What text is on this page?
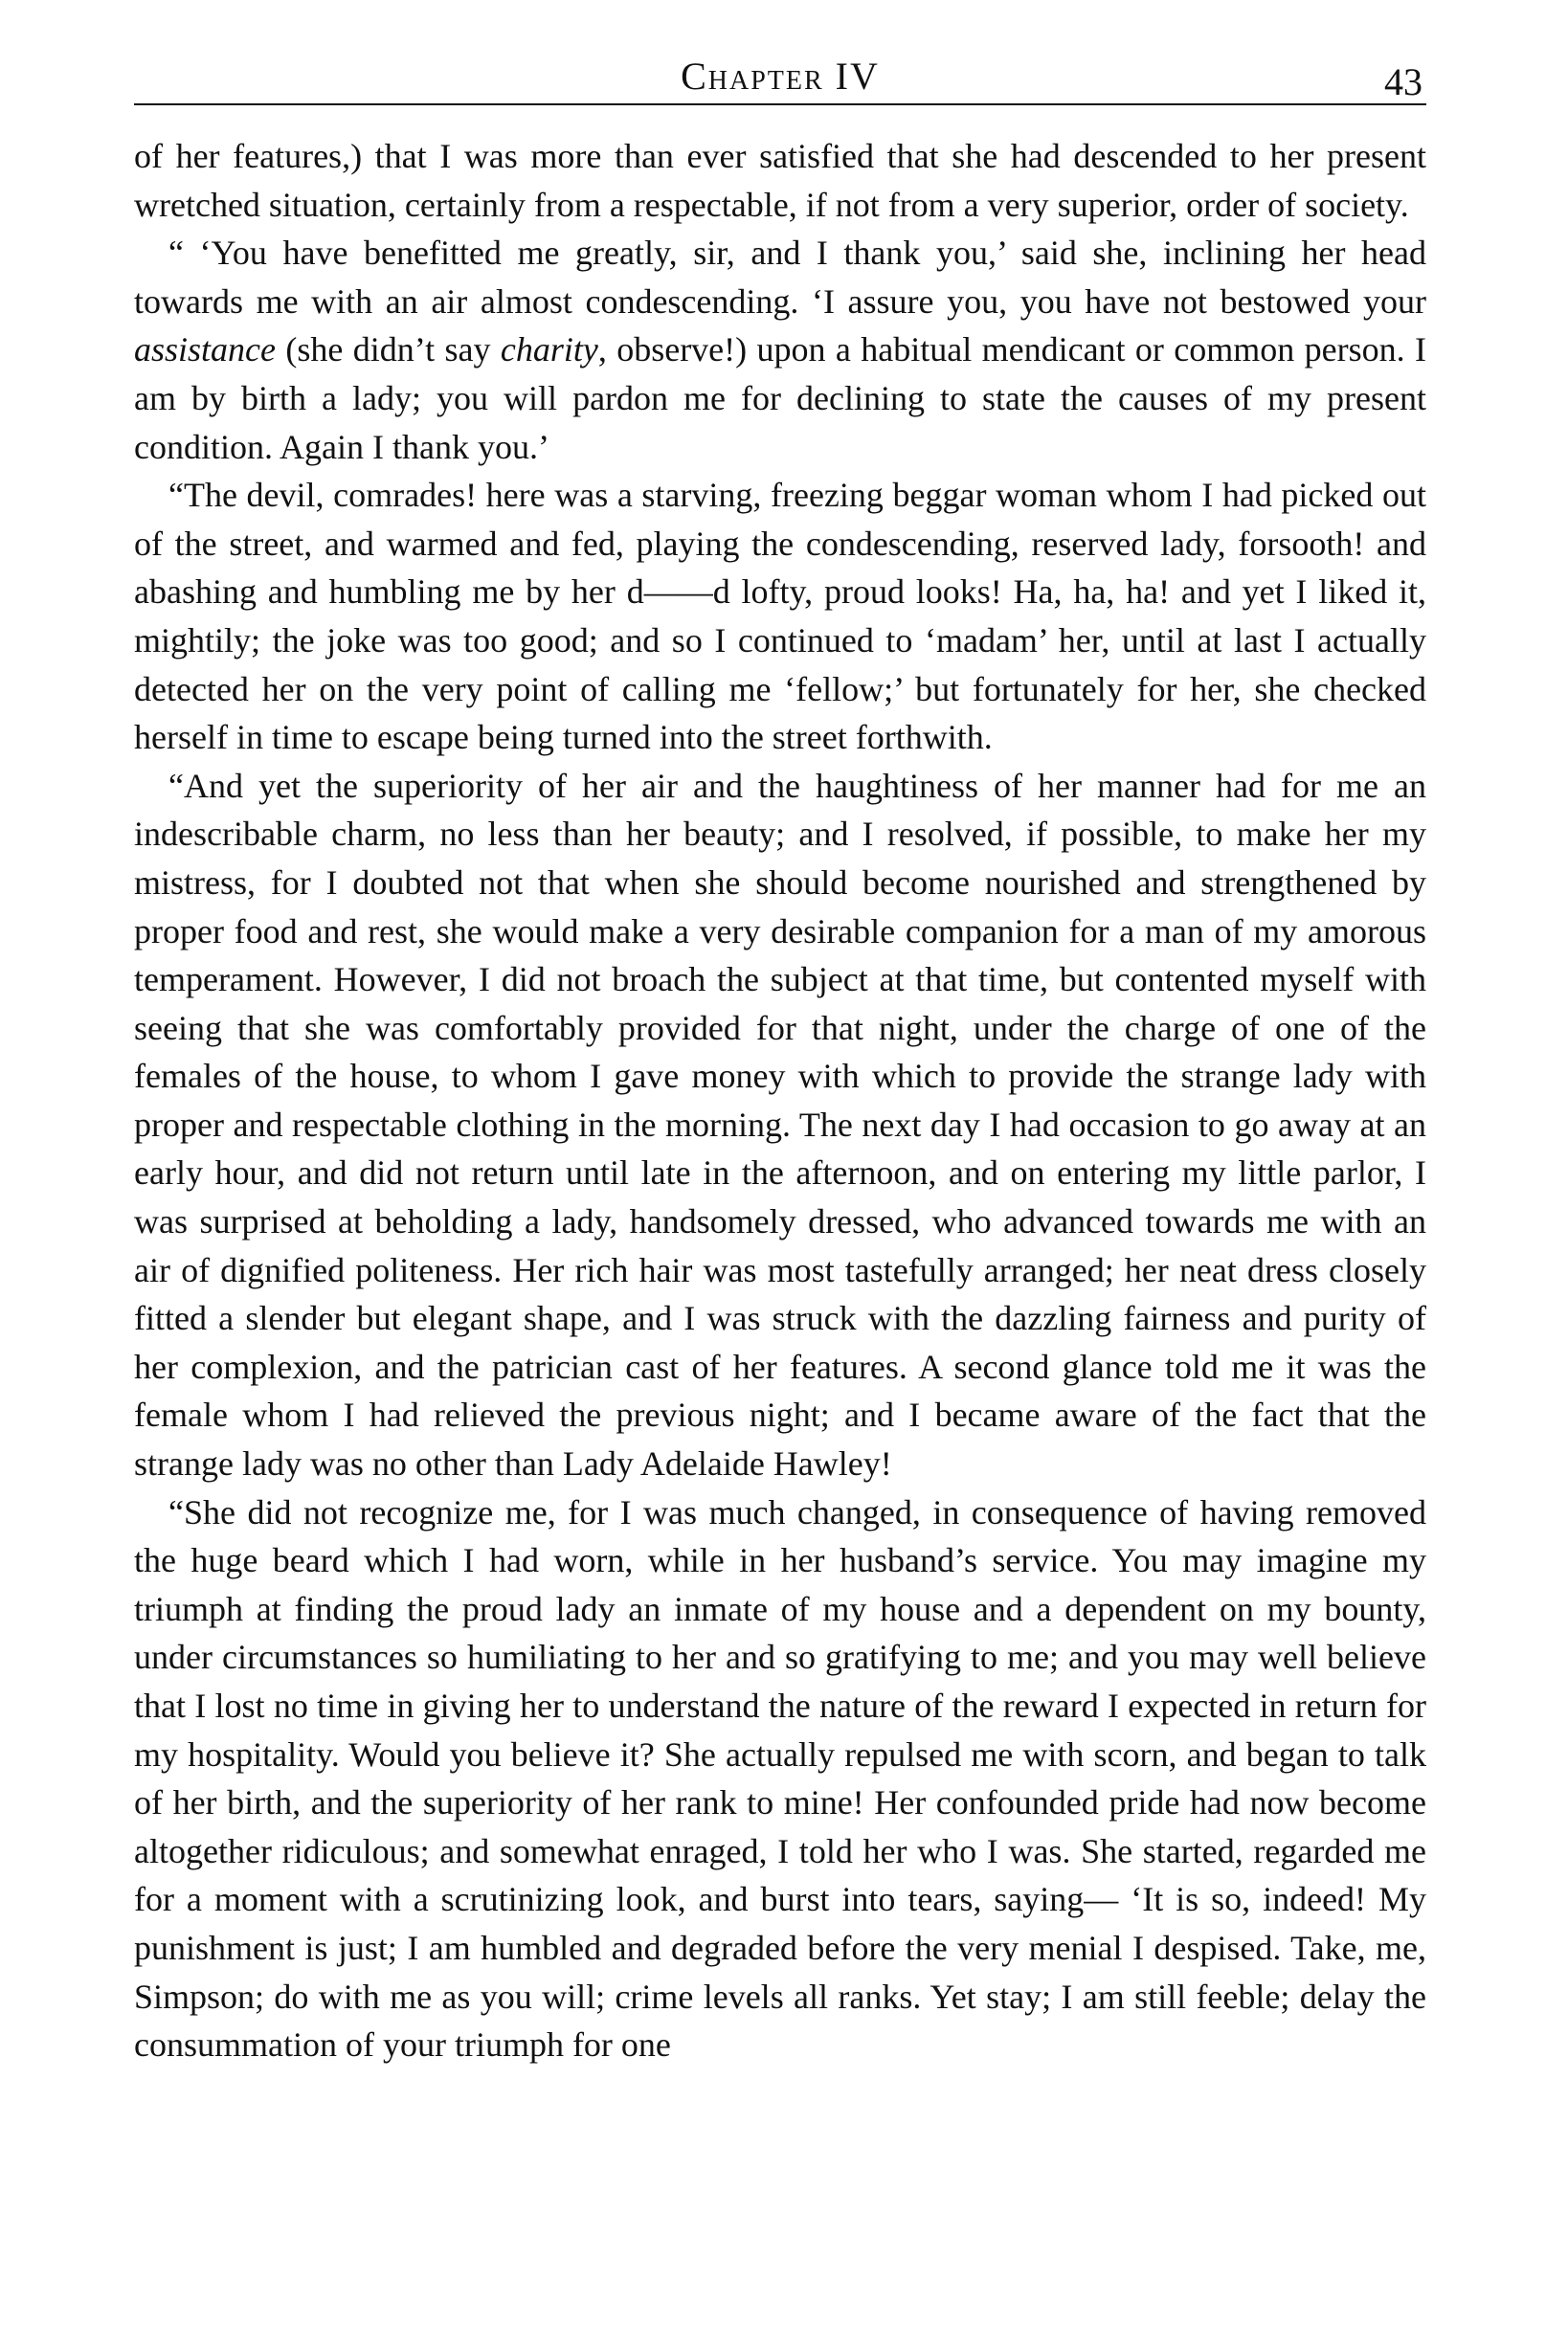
Chapter IV	43

of her features,) that I was more than ever satisfied that she had descended to her present wretched situation, certainly from a respectable, if not from a very superior, order of society.

“ ‘You have benefitted me greatly, sir, and I thank you,’ said she, inclining her head towards me with an air almost condescending. ‘I assure you, you have not bestowed your assistance (she didn’t say charity, observe!) upon a habitual mendicant or common person. I am by birth a lady; you will pardon me for declining to state the causes of my present condition. Again I thank you.’

“The devil, comrades! here was a starving, freezing beggar woman whom I had picked out of the street, and warmed and fed, playing the condescending, reserved lady, forsooth! and abashing and humbling me by her d——d lofty, proud looks! Ha, ha, ha! and yet I liked it, mightily; the joke was too good; and so I continued to ‘madam’ her, until at last I actually detected her on the very point of calling me ‘fellow;’ but fortunately for her, she checked herself in time to escape being turned into the street forthwith.

“And yet the superiority of her air and the haughtiness of her manner had for me an indescribable charm, no less than her beauty; and I resolved, if possible, to make her my mistress, for I doubted not that when she should become nourished and strengthened by proper food and rest, she would make a very desirable companion for a man of my amorous temperament. However, I did not broach the subject at that time, but contented myself with seeing that she was comfortably provided for that night, under the charge of one of the females of the house, to whom I gave money with which to provide the strange lady with proper and respectable clothing in the morning. The next day I had occasion to go away at an early hour, and did not return until late in the afternoon, and on entering my little parlor, I was surprised at beholding a lady, handsomely dressed, who advanced towards me with an air of dignified politeness. Her rich hair was most tastefully arranged; her neat dress closely fitted a slender but elegant shape, and I was struck with the dazzling fairness and purity of her complexion, and the patrician cast of her features. A second glance told me it was the female whom I had relieved the previous night; and I became aware of the fact that the strange lady was no other than Lady Adelaide Hawley!

“She did not recognize me, for I was much changed, in consequence of having removed the huge beard which I had worn, while in her husband’s service. You may imagine my triumph at finding the proud lady an inmate of my house and a dependent on my bounty, under circumstances so humiliating to her and so gratifying to me; and you may well believe that I lost no time in giving her to understand the nature of the reward I expected in return for my hospitality. Would you believe it? She actually repulsed me with scorn, and began to talk of her birth, and the superiority of her rank to mine! Her confounded pride had now become altogether ridiculous; and somewhat enraged, I told her who I was. She started, regarded me for a moment with a scrutinizing look, and burst into tears, saying— ‘It is so, indeed! My punishment is just; I am humbled and degraded before the very menial I despised. Take, me, Simpson; do with me as you will; crime levels all ranks. Yet stay; I am still feeble; delay the consummation of your triumph for one
